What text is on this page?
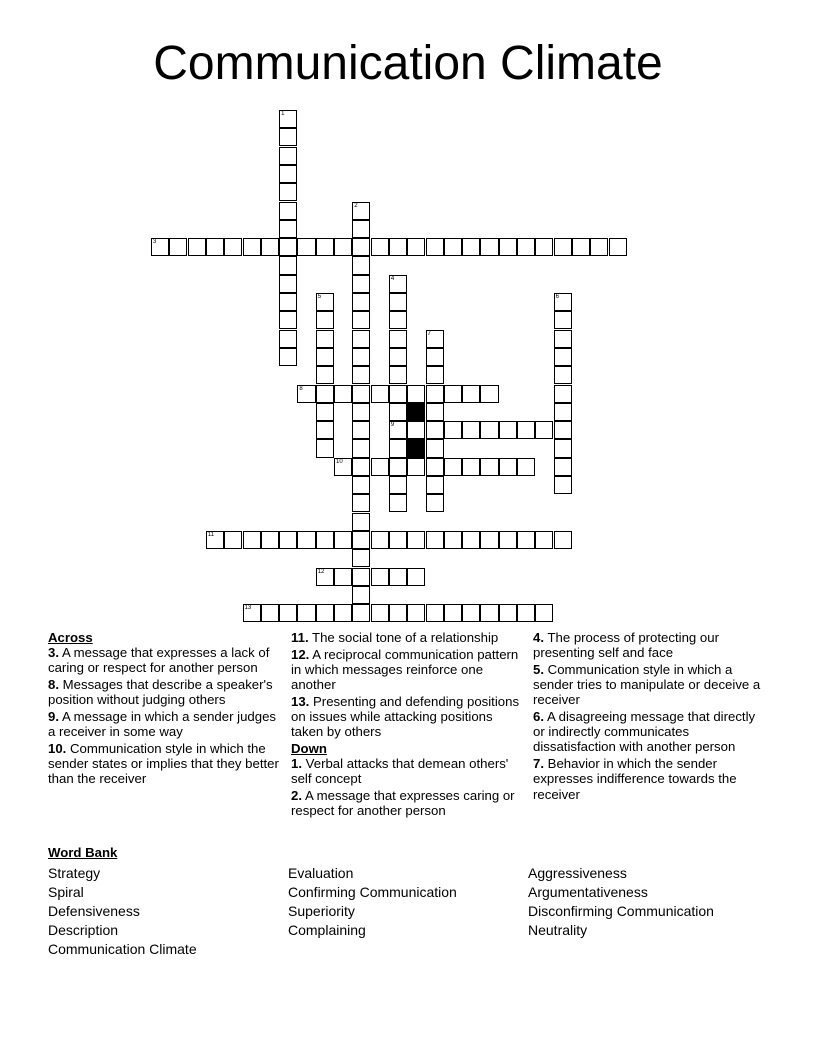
Communication Climate
1
2
3
4
9
5	6
7
8
10
11
12
13
Across
3. A message that expresses a lack of caring or respect for another person
8. Messages that describe a speaker's position without judging others
9. A message in which a sender judges a receiver in some way
10. Communication style in which the sender states or implies that they better than the receiver
11. The social tone of a relationship
12. A reciprocal communication pattern in which messages reinforce one another
13. Presenting and defending positions on issues while attacking positions taken by others
Down
1. Verbal attacks that demean others' self concept
2. A message that expresses caring or respect for another person
4. The process of protecting our presenting self and face
5. Communication style in which a sender tries to manipulate or deceive a receiver
6. A disagreeing message that directly or indirectly communicates dissatisfaction with another person
7. Behavior in which the sender expresses indifference towards the receiver
Word Bank
Strategy
Spiral
Defensiveness
Description
Communication Climate
Evaluation
Confirming Communication
Superiority
Complaining
Aggressiveness
Argumentativeness
Disconfirming Communication
Neutrality
